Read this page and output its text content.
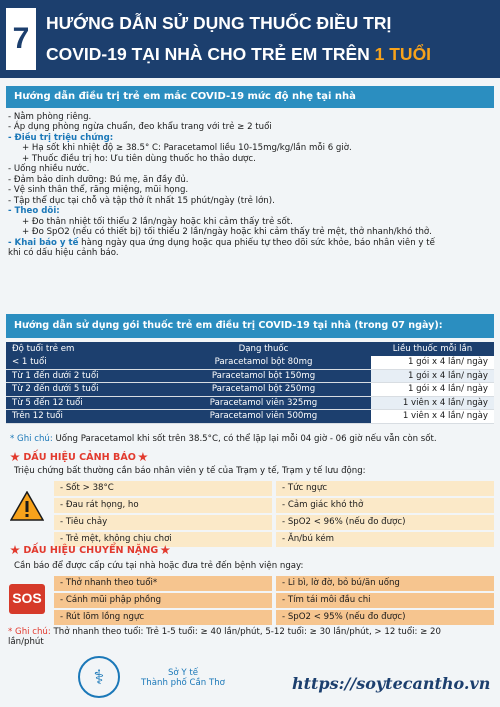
7 HƯỚNG DẪN SỬ DỤNG THUỐC ĐIỀU TRỊ
COVID-19 TẠI NHÀ CHO TRẺ EM TRÊN 1 TUỔI
Hướng dẫn điều trị trẻ em mắc COVID-19 mức độ nhẹ tại nhà
- Nằm phòng riêng.
- Áp dụng phòng ngừa chuẩn, đeo khẩu trang với trẻ ≥ 2 tuổi
- Điều trị triệu chứng:
+ Hạ sốt khi nhiệt độ ≥ 38.5° C: Paracetamol liều 10-15mg/kg/lần mỗi 6 giờ.
+ Thuốc điều trị ho: Ưu tiên dùng thuốc ho thảo dược.
- Uống nhiều nước.
- Đảm bảo dinh dưỡng: Bú mẹ, ăn đầy đủ.
- Vệ sinh thân thể, răng miệng, mũi họng.
- Tập thể dục tại chỗ và tập thở ít nhất 15 phút/ngày (trẻ lớn).
- Theo dõi:
+ Đo thân nhiệt tối thiểu 2 lần/ngày hoặc khi cảm thấy trẻ sốt.
+ Đo SpO2 (nếu có thiết bị) tối thiểu 2 lần/ngày hoặc khi cảm thấy trẻ mệt, thở nhanh/khó thở.
- Khai báo y tế hàng ngày qua ứng dụng hoặc qua phiếu tự theo dõi sức khỏe, báo nhân viên y tế
khi có dấu hiệu cảnh báo.
Hướng dẫn sử dụng gói thuốc trẻ em điều trị COVID-19 tại nhà (trong 07 ngày):
Độ tuổi trẻ em	Dạng thuốc	Liều thuốc mỗi lần
< 1 tuổi	Paracetamol bột 80mg	1 gói x 4 lần/ ngày
Từ 1 đến dưới 2 tuổi	Paracetamol bột 150mg	1 gói x 4 lần/ ngày
Từ 2 đến dưới 5 tuổi	Paracetamol bột 250mg	1 gói x 4 lần/ ngày
Từ 5 đến 12 tuổi	Paracetamol viên 325mg	1 viên x 4 lần/ ngày
Trên 12 tuổi	Paracetamol viên 500mg	1 viên x 4 lần/ ngày
* Ghi chú: Uống Paracetamol khi sốt trên 38.5°C, có thể lặp lại mỗi 04 giờ - 06 giờ nếu vẫn còn sốt.
DẤU HIỆU CẢNH BÁO
Triệu chứng bất thường cần báo nhân viên y tế của Trạm y tế, Trạm y tế lưu động:
- Sốt > 38°C	- Tức ngực
- Đau rát họng, ho	- Cảm giác khó thở
- Tiêu chảy	- SpO2 < 96% (nếu đo được)
- Trẻ mệt, không chịu chơi	- Ăn/bú kém
DẤU HIỆU CHUYỂN NẶNG
Cần báo để được cấp cứu tại nhà hoặc đưa trẻ đến bệnh viện ngay:
SOS
- Thở nhanh theo tuổi*	- Li bì, lờ đờ, bỏ bú/ăn uống
- Cánh mũi phập phồng	- Tím tái môi đầu chi
- Rút lõm lồng ngực	- SpO2 < 95% (nếu đo được)
* Ghi chú: Thở nhanh theo tuổi: Trẻ 1-5 tuổi: ≥ 40 lần/phút, 5-12 tuổi: ≥ 30 lần/phút, > 12 tuổi: ≥ 20
lần/phút
⚕	Sở Y tế
Thành phố Cần Thơ	https://soytecantho.vn
